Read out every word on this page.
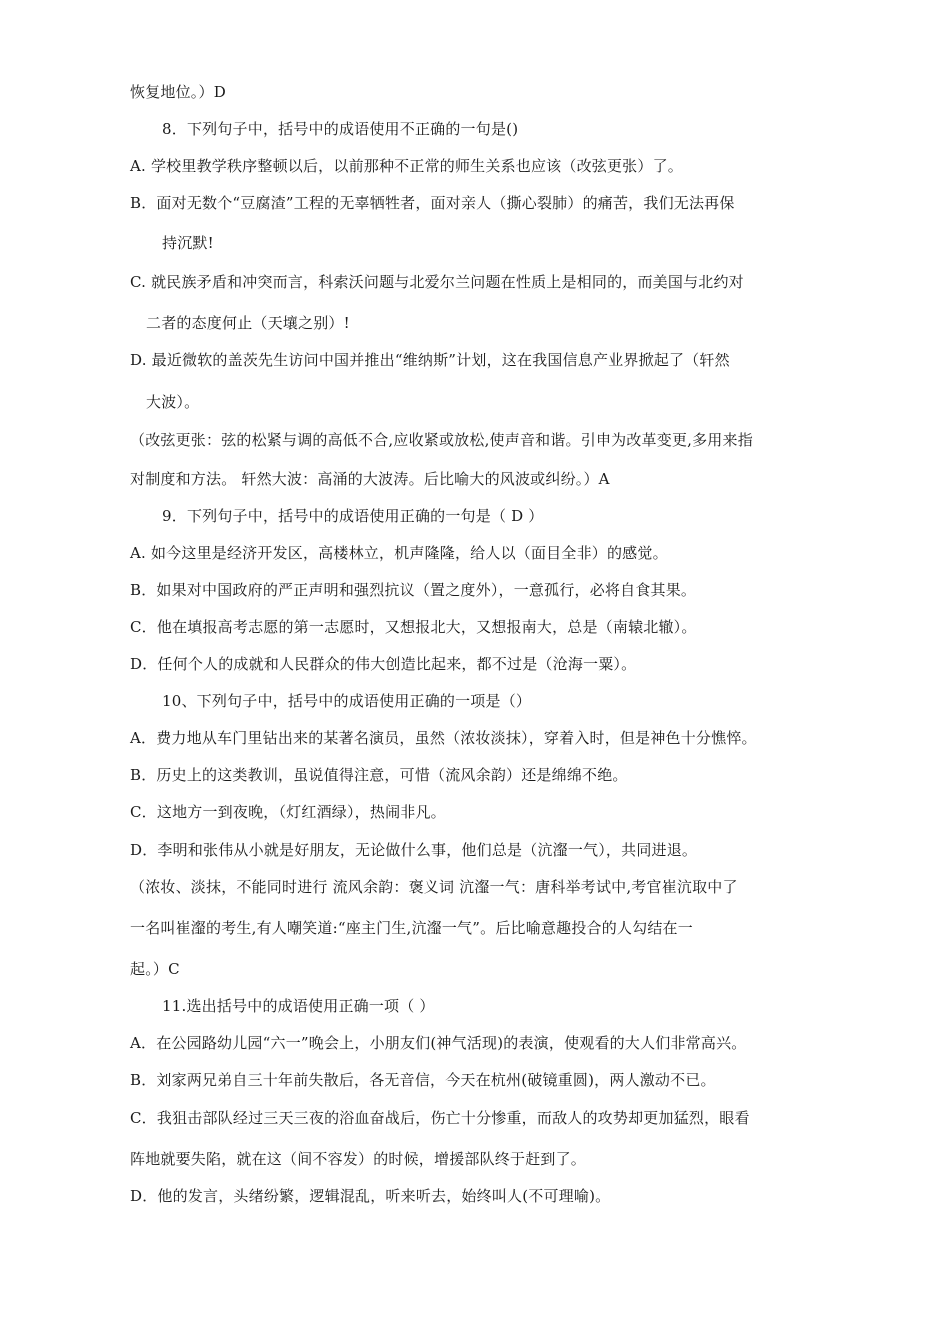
恢复地位。）D
8．下列句子中，括号中的成语使用不正确的一句是()
A. 学校里教学秩序整顿以后，以前那种不正常的师生关系也应该（改弦更张）了。
B．面对无数个“豆腐渣”工程的无辜牺牲者，面对亲人（撕心裂肺）的痛苦，我们无法再保
持沉默!
C. 就民族矛盾和冲突而言，科索沃问题与北爱尔兰问题在性质上是相同的，而美国与北约对
二者的态度何止（天壤之别）!
D. 最近微软的盖茨先生访问中国并推出“维纳斯”计划，这在我国信息产业界掀起了（轩然
大波）。
（改弦更张：弦的松紧与调的高低不合,应收紧或放松,使声音和谐。引申为改革变更,多用来指
对制度和方法。 轩然大波：高涌的大波涛。后比喻大的风波或纠纷。）A
9．下列句子中，括号中的成语使用正确的一句是（ D ）
A. 如今这里是经济开发区，高楼林立，机声隆隆，给人以（面目全非）的感觉。
B．如果对中国政府的严正声明和强烈抗议（置之度外），一意孤行，必将自食其果。
C．他在填报高考志愿的第一志愿时，又想报北大，又想报南大，总是（南辕北辙）。
D．任何个人的成就和人民群众的伟大创造比起来，都不过是（沧海一粟）。
10、下列句子中，括号中的成语使用正确的一项是（）
A．费力地从车门里钻出来的某著名演员，虽然（浓妆淡抹），穿着入时，但是神色十分憔悴。
B．历史上的这类教训，虽说值得注意，可惜（流风余韵）还是绵绵不绝。
C．这地方一到夜晚，（灯红酒绿），热闹非凡。
D．李明和张伟从小就是好朋友，无论做什么事，他们总是（沆瀣一气），共同进退。
（浓妆、淡抹，不能同时进行 流风余韵：褒义词 沆瀣一气：唐科举考试中,考官崔沆取中了
一名叫崔瀣的考生,有人嘲笑道:“座主门生,沆瀣一气”。后比喻意趣投合的人勾结在一
起。）C
11.选出括号中的成语使用正确一项（ ）
A．在公园路幼儿园“六一”晚会上，小朋友们(神气活现)的表演，使观看的大人们非常高兴。
B．刘家两兄弟自三十年前失散后，各无音信，今天在杭州(破镜重圆)，两人激动不已。
C．我狙击部队经过三天三夜的浴血奋战后，伤亡十分惨重，而敌人的攻势却更加猛烈，眼看
阵地就要失陷，就在这（间不容发）的时候，增援部队终于赶到了。
D．他的发言，头绪纷繁，逻辑混乱，听来听去，始终叫人(不可理喻)。
